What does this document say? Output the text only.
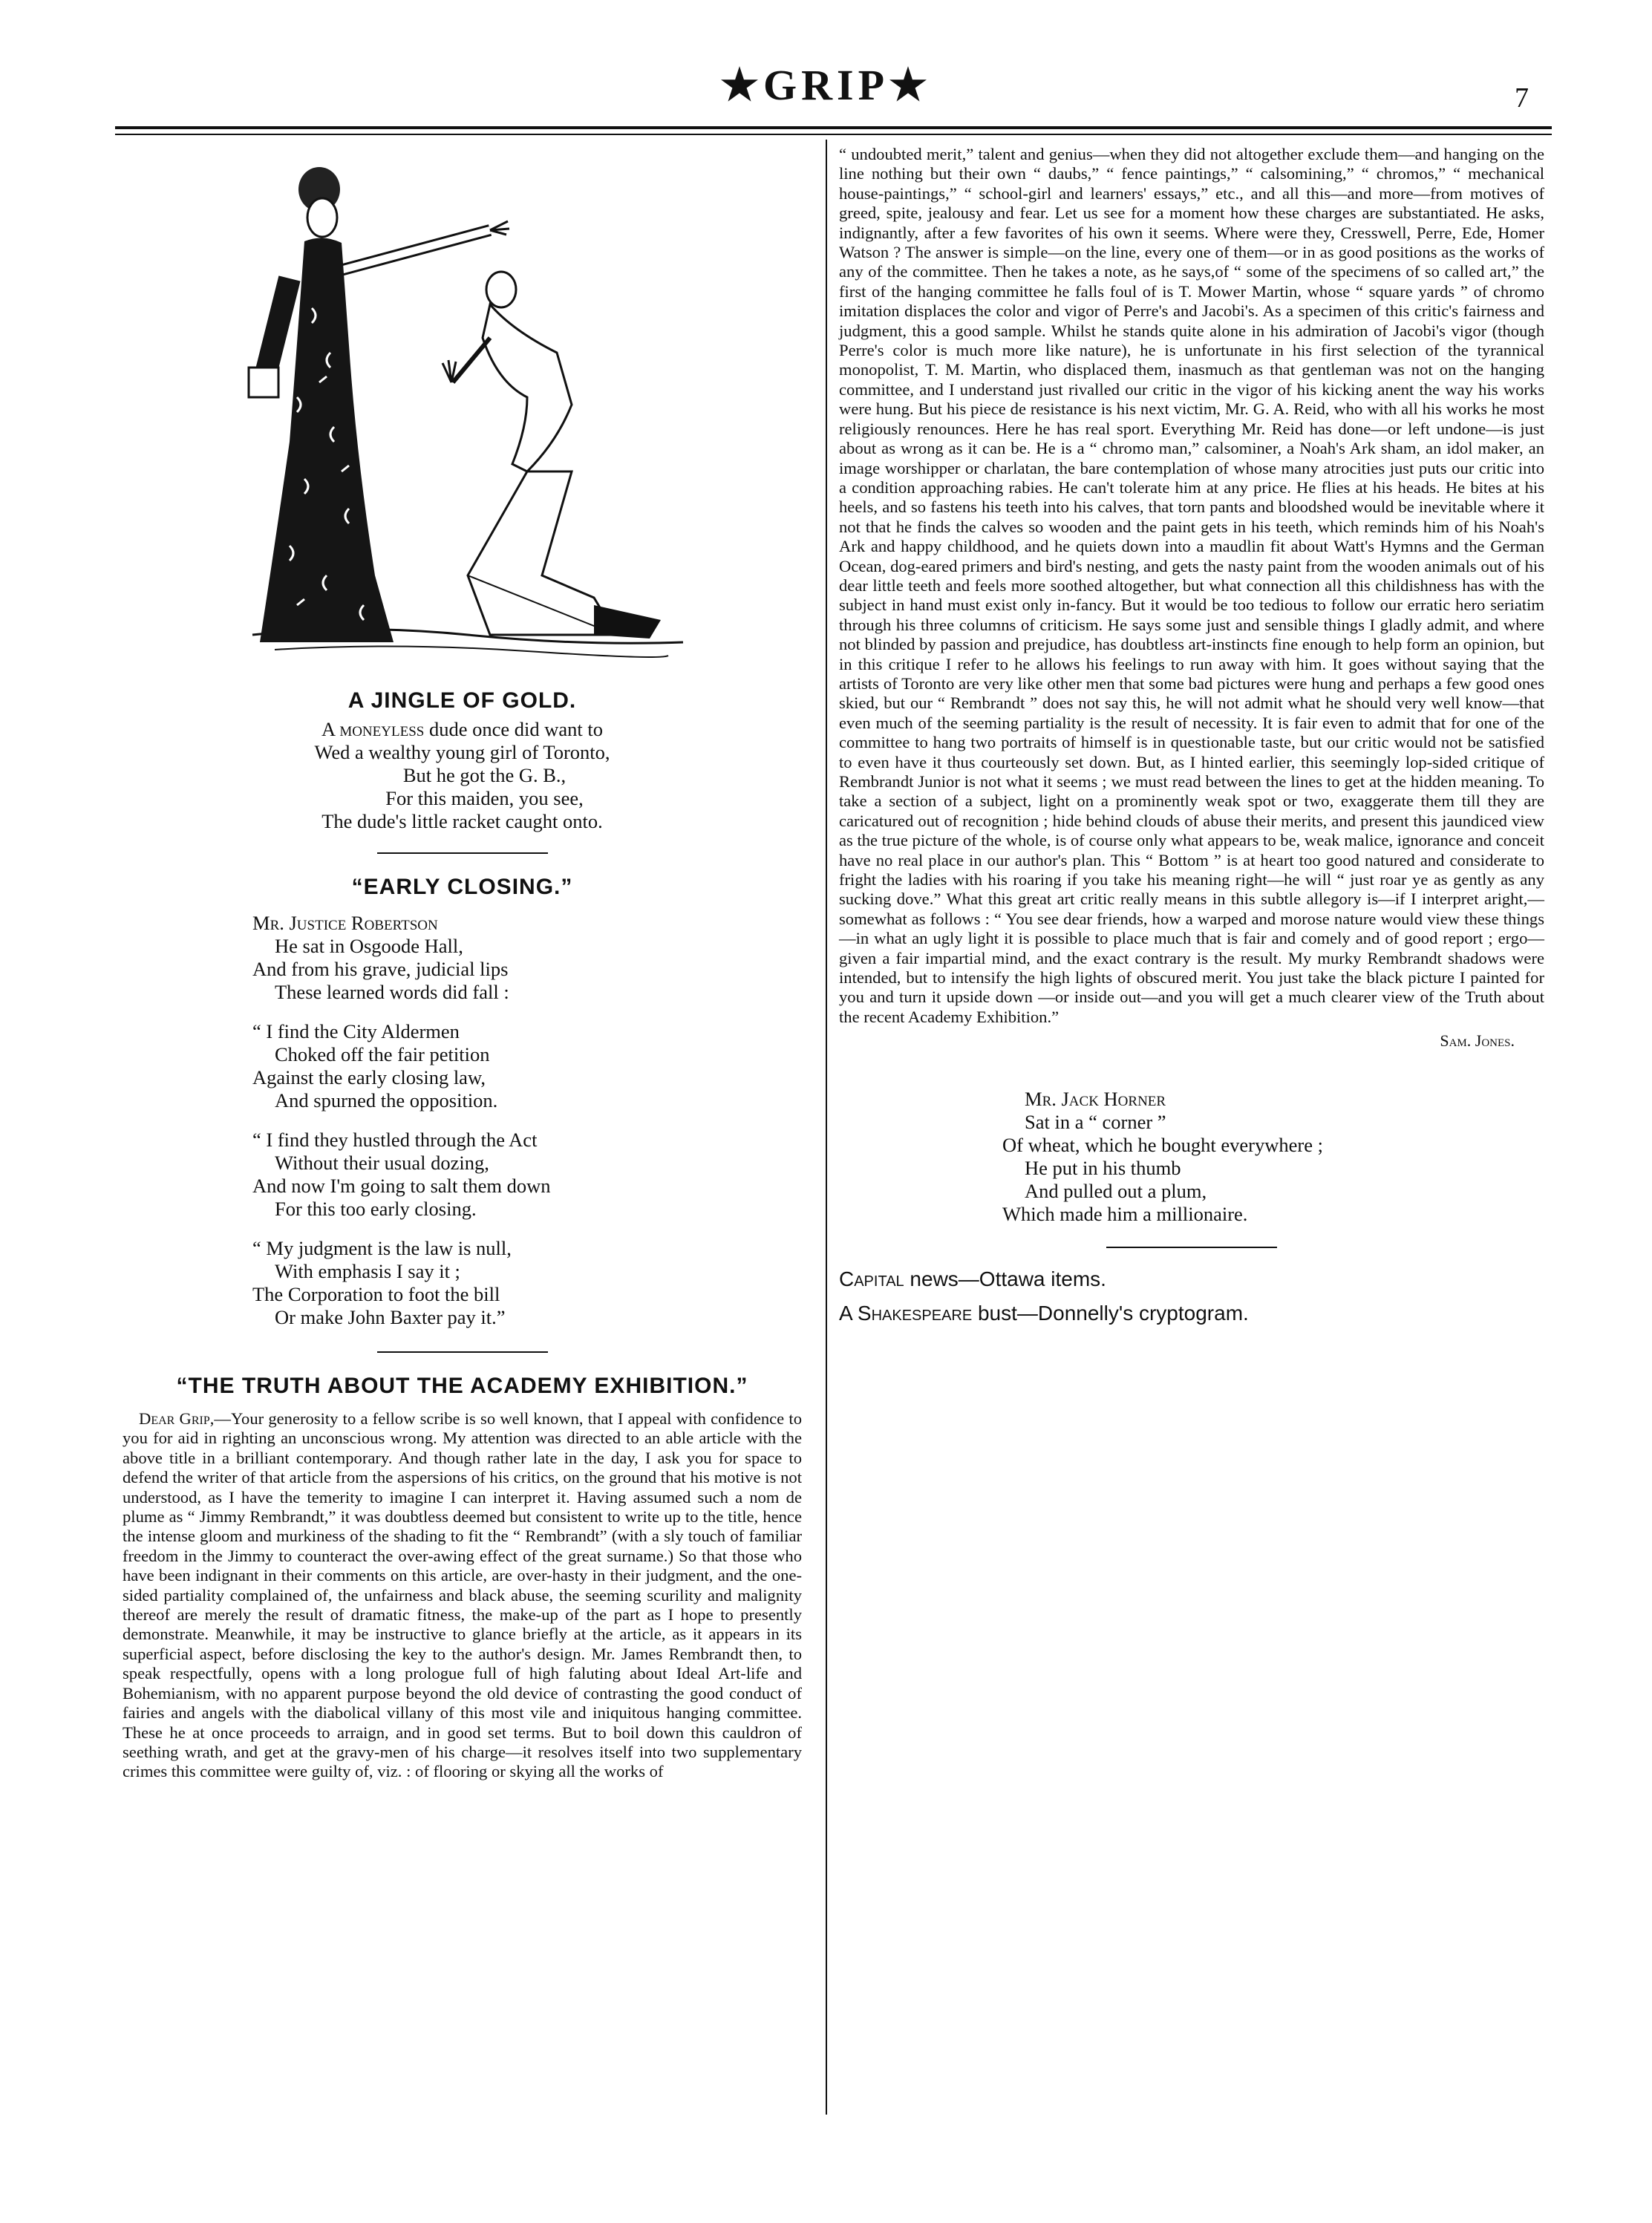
★GRIP★	7
A JINGLE OF GOLD.
A moneyless dude once did want to
Wed a wealthy young girl of Toronto,
But he got the G. B.,
For this maiden, you see,
The dude's little racket caught onto.
“EARLY CLOSING.”
Mr. Justice Robertson
He sat in Osgoode Hall,
And from his grave, judicial lips
These learned words did fall :
“ I find the City Aldermen
Choked off the fair petition
Against the early closing law,
And spurned the opposition.
“ I find they hustled through the Act
Without their usual dozing,
And now I'm going to salt them down
For this too early closing.
“ My judgment is the law is null,
With emphasis I say it ;
The Corporation to foot the bill
Or make John Baxter pay it.”
“THE TRUTH ABOUT THE ACADEMY EXHIBITION.”

Dear Grip,—Your generosity to a fellow scribe is so well known, that I appeal with confidence to you for aid in righting an unconscious wrong. My attention was directed to an able article with the above title in a brilliant contemporary. And though rather late in the day, I ask you for space to defend the writer of that article from the aspersions of his critics, on the ground that his motive is not understood, as I have the temerity to imagine I can interpret it. Having assumed such a nom de plume as “ Jimmy Rembrandt,” it was doubtless deemed but consistent to write up to the title, hence the intense gloom and murkiness of the shading to fit the “ Rembrandt” (with a sly touch of familiar freedom in the Jimmy to counteract the over-awing effect of the great surname.) So that those who have been indignant in their comments on this article, are over-hasty in their judgment, and the one-sided partiality complained of, the unfairness and black abuse, the seeming scurility and malignity thereof are merely the result of dramatic fitness, the make-up of the part as I hope to presently demonstrate. Meanwhile, it may be instructive to glance briefly at the article, as it appears in its superficial aspect, before disclosing the key to the author's design. Mr. James Rembrandt then, to speak respectfully, opens with a long prologue full of high faluting about Ideal Art-life and Bohemianism, with no apparent purpose beyond the old device of contrasting the good conduct of fairies and angels with the diabolical villany of this most vile and iniquitous hanging committee. These he at once proceeds to arraign, and in good set terms. But to boil down this cauldron of seething wrath, and get at the gravy-men of his charge—it resolves itself into two supplementary crimes this committee were guilty of, viz. : of flooring or skying all the works of

“ undoubted merit,” talent and genius—when they did not altogether exclude them—and hanging on the line nothing but their own “ daubs,” “ fence paintings,” “ calsomining,” “ chromos,” “ mechanical house-paintings,” “ school-girl and learners' essays,” etc., and all this—and more—from motives of greed, spite, jealousy and fear. Let us see for a moment how these charges are substantiated. He asks, indignantly, after a few favorites of his own it seems. Where were they, Cresswell, Perre, Ede, Homer Watson ? The answer is simple—on the line, every one of them—or in as good positions as the works of any of the committee. Then he takes a note, as he says,of “ some of the specimens of so called art,” the first of the hanging committee he falls foul of is T. Mower Martin, whose “ square yards ” of chromo imitation displaces the color and vigor of Perre's and Jacobi's. As a specimen of this critic's fairness and judgment, this a good sample. Whilst he stands quite alone in his admiration of Jacobi's vigor (though Perre's color is much more like nature), he is unfortunate in his first selection of the tyrannical monopolist, T. M. Martin, who displaced them, inasmuch as that gentleman was not on the hanging committee, and I understand just rivalled our critic in the vigor of his kicking anent the way his works were hung. But his piece de resistance is his next victim, Mr. G. A. Reid, who with all his works he most religiously renounces. Here he has real sport. Everything Mr. Reid has done—or left undone—is just about as wrong as it can be. He is a “ chromo man,” calsominer, a Noah's Ark sham, an idol maker, an image worshipper or charlatan, the bare contemplation of whose many atrocities just puts our critic into a condition approaching rabies. He can't tolerate him at any price. He flies at his heads. He bites at his heels, and so fastens his teeth into his calves, that torn pants and bloodshed would be inevitable where it not that he finds the calves so wooden and the paint gets in his teeth, which reminds him of his Noah's Ark and happy childhood, and he quiets down into a maudlin fit about Watt's Hymns and the German Ocean, dog-eared primers and bird's nesting, and gets the nasty paint from the wooden animals out of his dear little teeth and feels more soothed altogether, but what connection all this childishness has with the subject in hand must exist only in-fancy. But it would be too tedious to follow our erratic hero seriatim through his three columns of criticism. He says some just and sensible things I gladly admit, and where not blinded by passion and prejudice, has doubtless art-instincts fine enough to help form an opinion, but in this critique I refer to he allows his feelings to run away with him. It goes without saying that the artists of Toronto are very like other men that some bad pictures were hung and perhaps a few good ones skied, but our “ Rembrandt ” does not say this, he will not admit what he should very well know—that even much of the seeming partiality is the result of necessity. It is fair even to admit that for one of the committee to hang two portraits of himself is in questionable taste, but our critic would not be satisfied to even have it thus courteously set down. But, as I hinted earlier, this seemingly lop-sided critique of Rembrandt Junior is not what it seems ; we must read between the lines to get at the hidden meaning. To take a section of a subject, light on a prominently weak spot or two, exaggerate them till they are caricatured out of recognition ; hide behind clouds of abuse their merits, and present this jaundiced view as the true picture of the whole, is of course only what appears to be, weak malice, ignorance and conceit have no real place in our author's plan. This “ Bottom ” is at heart too good natured and considerate to fright the ladies with his roaring if you take his meaning right—he will “ just roar ye as gently as any sucking dove.” What this great art critic really means in this subtle allegory is—if I interpret aright,—somewhat as follows : “ You see dear friends, how a warped and morose nature would view these things—in what an ugly light it is possible to place much that is fair and comely and of good report ; ergo—given a fair impartial mind, and the exact contrary is the result. My murky Rembrandt shadows were intended, but to intensify the high lights of obscured merit. You just take the black picture I painted for you and turn it upside down —or inside out—and you will get a much clearer view of the Truth about the recent Academy Exhibition.”

Sam. Jones.
Mr. Jack Horner
Sat in a “ corner ”
Of wheat, which he bought everywhere ;
He put in his thumb
And pulled out a plum,
Which made him a millionaire.
Capital news—Ottawa items.
A Shakespeare bust—Donnelly's cryptogram.
